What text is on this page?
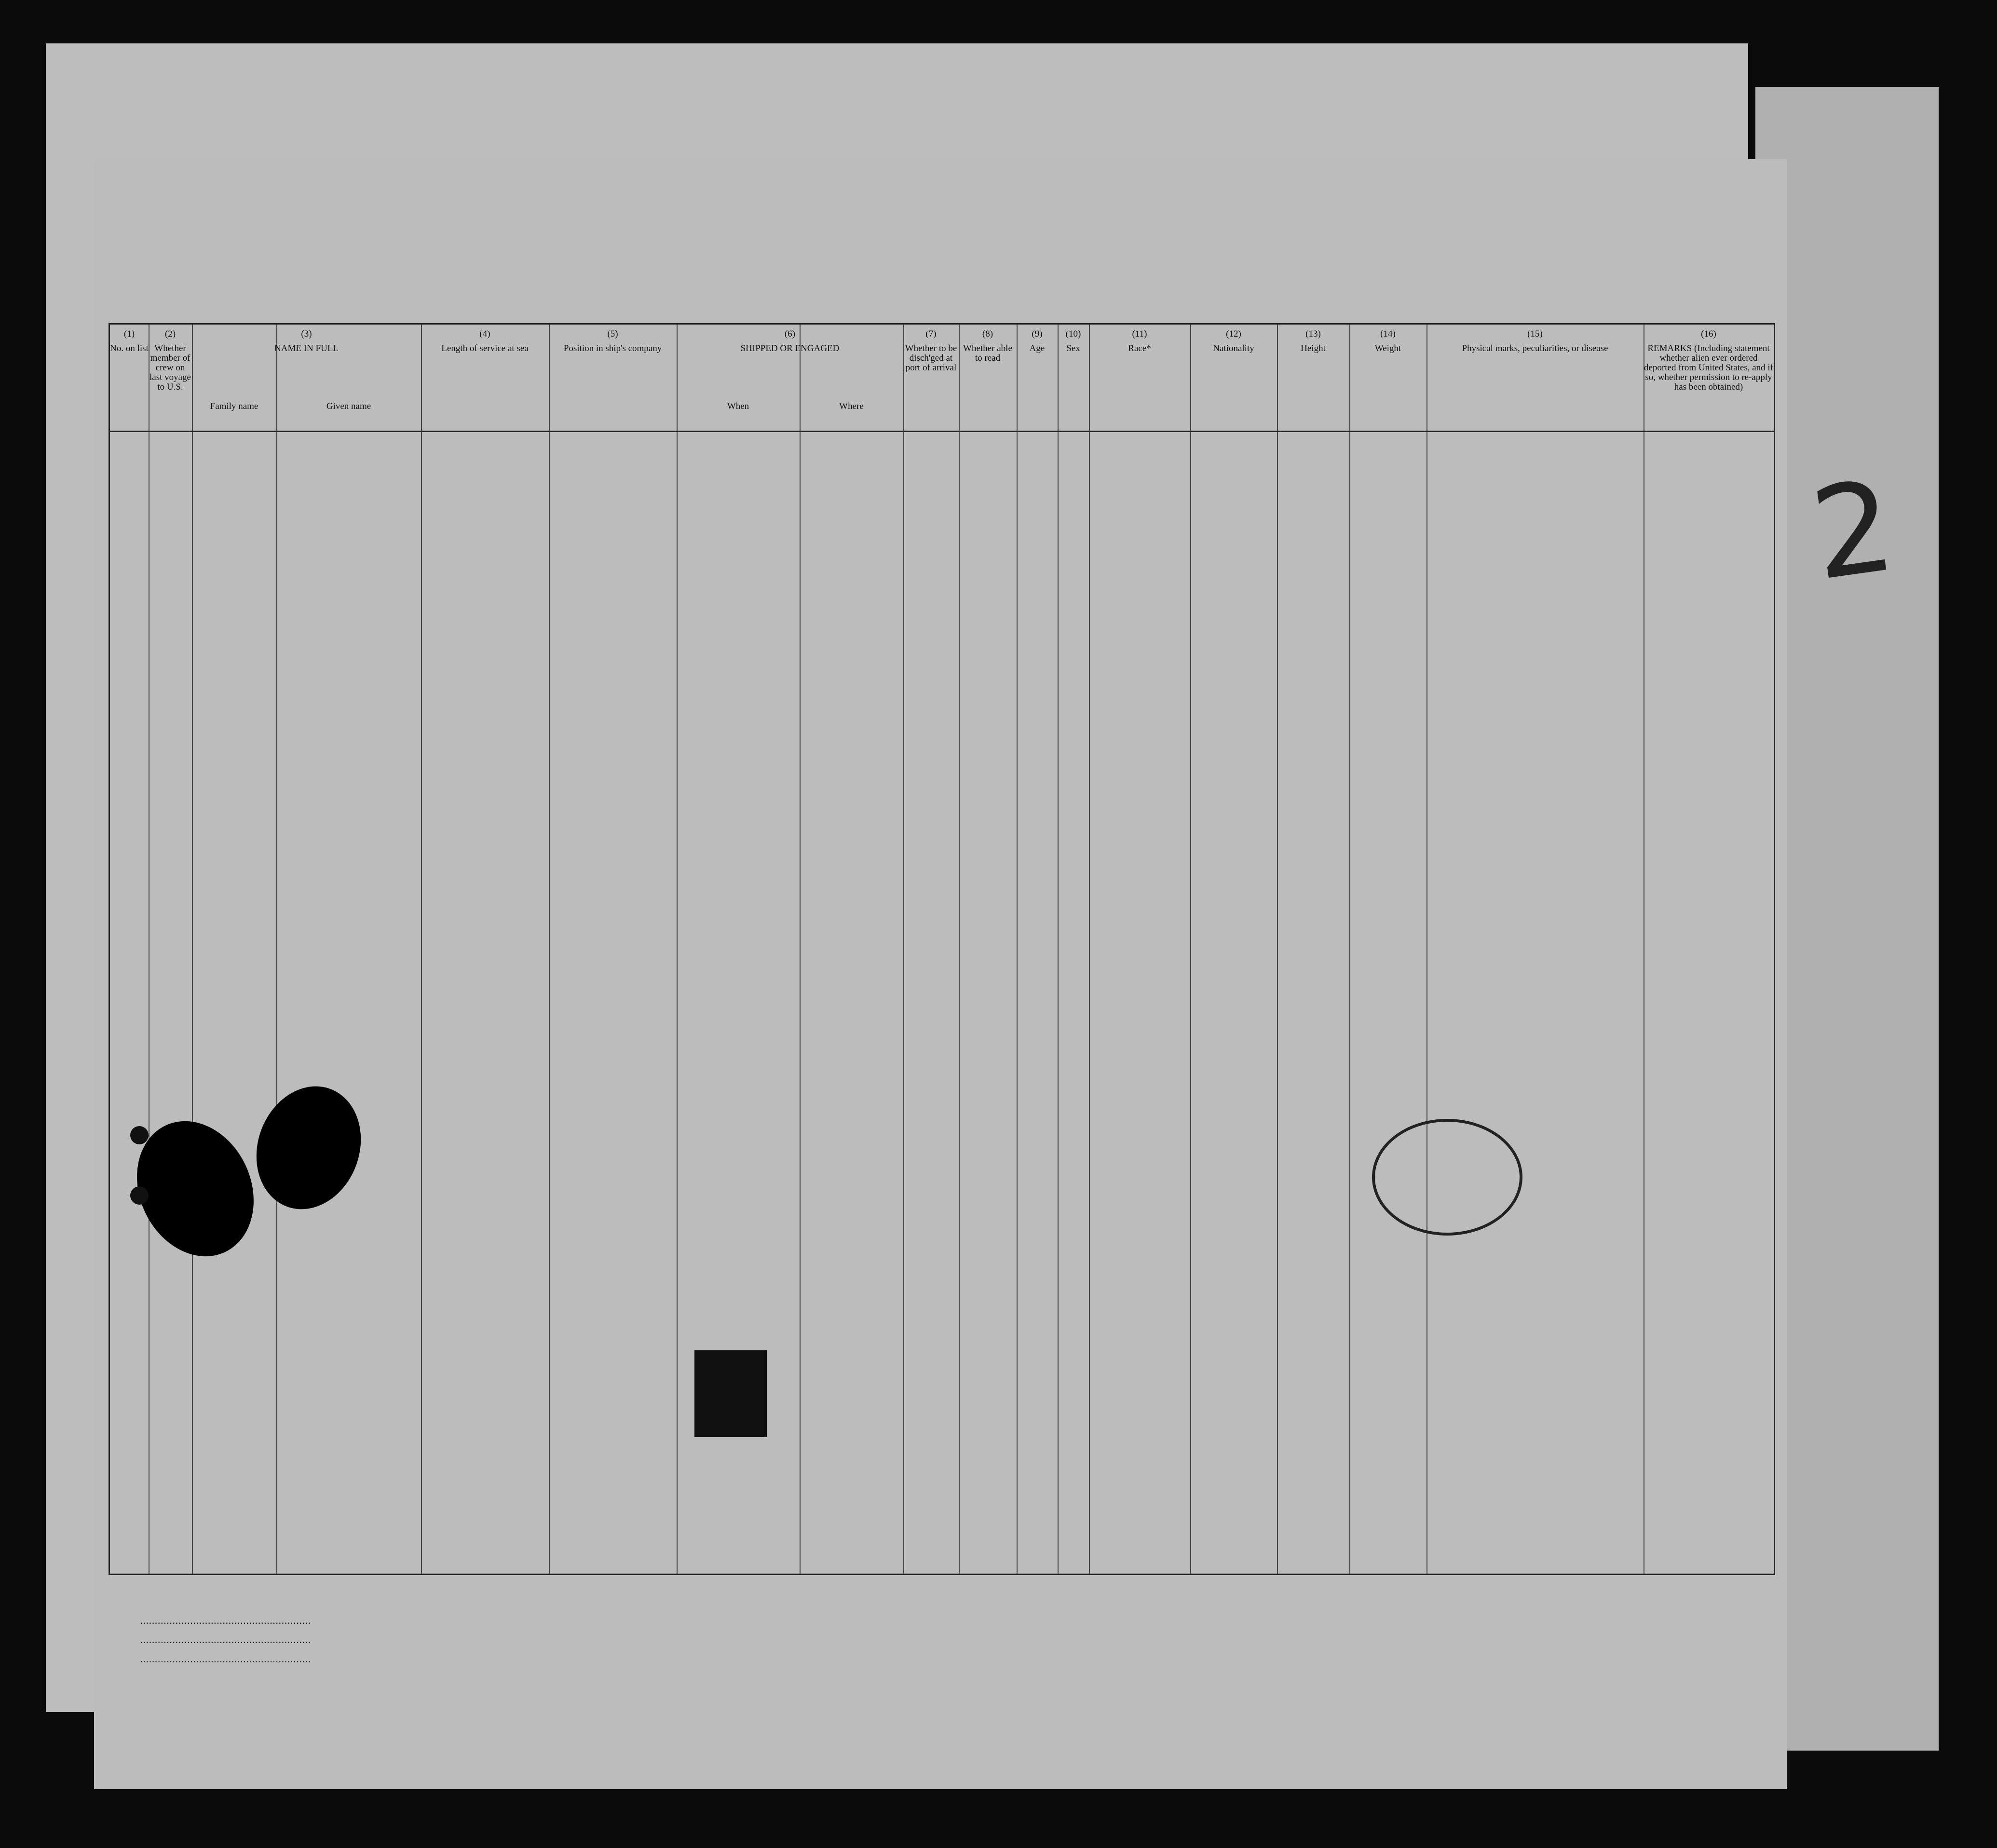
2
(1)
No. on list
(2)
Whether member of crew on last voyage to U.S.
(3)
NAME IN FULL
Family name	Given name
(4)
Length of service at sea
(5)
Position in ship's company
(6)
SHIPPED OR ENGAGED
When	Where
(7)
Whether to be disch'ged at port of arrival
(8)
Whether able to read
(9)
Age
(10)
Sex
(11)
Race*
(12)
Nationality
(13)
Height
(14)
Weight
(15)
Physical marks, peculiarities, or disease
(16)
REMARKS (Including statement whether alien ever ordered deported from United States, and if so, whether permission to re-apply has been obtained)
..........................................................
..........................................................
..........................................................
